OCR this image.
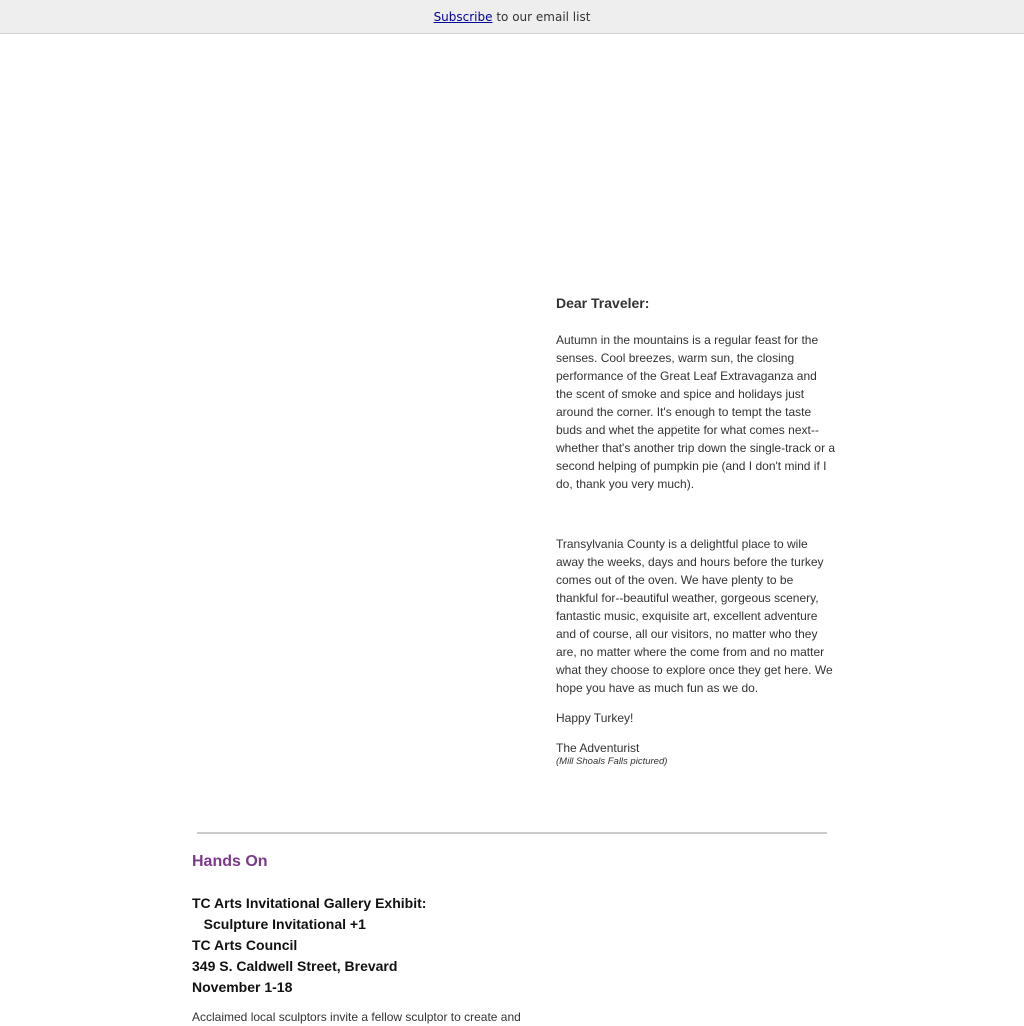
Subscribe to our email list
Dear Traveler:

Autumn in the mountains is a regular feast for the senses. Cool breezes, warm sun, the closing performance of the Great Leaf Extravaganza and the scent of smoke and spice and holidays just around the corner. It's enough to tempt the taste buds and whet the appetite for what comes next--whether that's another trip down the single-track or a second helping of pumpkin pie (and I don't mind if I do, thank you very much).

Transylvania County is a delightful place to wile away the weeks, days and hours before the turkey comes out of the oven. We have plenty to be thankful for--beautiful weather, gorgeous scenery, fantastic music, exquisite art, excellent adventure and of course, all our visitors, no matter who they are, no matter where the come from and no matter what they choose to explore once they get here. We hope you have as much fun as we do.

Happy Turkey!

The Adventurist

(Mill Shoals Falls pictured)

Hands On
TC Arts Invitational Gallery Exhibit:
Sculpture Invitational +1
TC Arts Council
349 S. Caldwell Street, Brevard
November 1-18
Acclaimed local sculptors invite a fellow sculptor to create and
